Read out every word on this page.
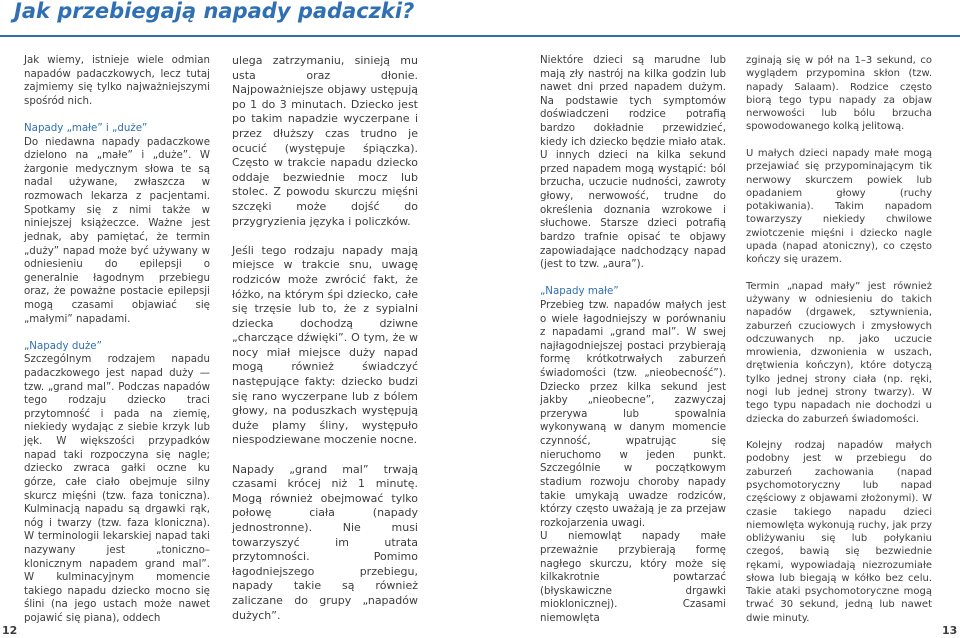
Jak przebiegają napady padaczki?

Jak wiemy, istnieje wiele odmian napadów padaczkowych, lecz tutaj zajmiemy się tylko najważniejszymi spośród nich.

Napady „małe” i „duże”

Do niedawna napady padaczkowe dzielono na „małe” i „duże”. W żargonie medycznym słowa te są nadal używane, zwłaszcza w rozmowach lekarza z pacjentami. Spotkamy się z nimi także w niniejszej książeczce. Ważne jest jednak, aby pamiętać, że termin „duży” napad może być używany w odniesieniu do epilepsji o generalnie łagodnym przebiegu oraz, że poważne postacie epilepsji mogą czasami objawiać się „małymi” napadami.

„Napady duże”

Szczególnym rodzajem napadu padaczkowego jest napad duży — tzw. „grand mal”. Podczas napadów tego rodzaju dziecko traci przytomność i pada na ziemię, niekiedy wydając z siebie krzyk lub jęk. W większości przypadków napad taki rozpoczyna się nagle; dziecko zwraca gałki oczne ku górze, całe ciało obejmuje silny skurcz mięśni (tzw. faza toniczna). Kulminacją napadu są drgawki rąk, nóg i twarzy (tzw. faza kloniczna). W terminologii lekarskiej napad taki nazywany jest „toniczno–klonicznym napadem grand mal”. W kulminacyjnym momencie takiego napadu dziecko mocno się ślini (na jego ustach może nawet pojawić się piana), oddech

ulega zatrzymaniu, sinieją mu usta oraz dłonie. Najpoważniejsze objawy ustępują po 1 do 3 minutach. Dziecko jest po takim napadzie wyczerpane i przez dłuższy czas trudno je ocucić (występuje śpiączka). Często w trakcie napadu dziecko oddaje bezwiednie mocz lub stolec. Z powodu skurczu mięśni szczęki może dojść do przygryzienia języka i policzków.

Jeśli tego rodzaju napady mają miejsce w trakcie snu, uwagę rodziców może zwrócić fakt, że łóżko, na którym śpi dziecko, całe się trzęsie lub to, że z sypialni dziecka dochodzą dziwne „charczące dźwięki”. O tym, że w nocy miał miejsce duży napad mogą również świadczyć następujące fakty: dziecko budzi się rano wyczerpane lub z bólem głowy, na poduszkach występują duże plamy śliny, występuło niespodziewane moczenie nocne.

Napady „grand mal” trwają czasami krócej niż 1 minutę. Mogą również obejmować tylko połowę ciała (napady jednostronne). Nie musi towarzyszyć im utrata przytomności. Pomimo łagodniejszego przebiegu, napady takie są również zaliczane do grupy „napadów dużych”.

Niektóre dzieci są marudne lub mają zły nastrój na kilka godzin lub nawet dni przed napadem dużym. Na podstawie tych symptomów doświadczeni rodzice potrafią bardzo dokładnie przewidzieć, kiedy ich dziecko będzie miało atak. U innych dzieci na kilka sekund przed napadem mogą wystąpić: ból brzucha, uczucie nudności, zawroty głowy, nerwowość, trudne do określenia doznania wzrokowe i słuchowe. Starsze dzieci potrafią bardzo trafnie opisać te objawy zapowiadające nadchodzący napad (jest to tzw. „aura”).

„Napady małe”

Przebieg tzw. napadów małych jest o wiele łagodniejszy w porównaniu z napadami „grand mal”. W swej najłagodniejszej postaci przybierają formę krótkotrwałych zaburzeń świadomości (tzw. „nieobecność”). Dziecko przez kilka sekund jest jakby „nieobecne”, zazwyczaj przerywa lub spowalnia wykonywaną w danym momencie czynność, wpatrując się nieruchomo w jeden punkt. Szczególnie w początkowym stadium rozwoju choroby napady takie umykają uwadze rodziców, którzy często uważają je za przejaw rozkojarzenia uwagi.

U niemowląt napady małe przeważnie przybierają formę nagłego skurczu, który może się kilkakrotnie powtarzać (błyskawiczne drgawki mioklonicznej). Czasami niemowlęta

zginają się w pół na 1–3 sekund, co wyglądem przypomina skłon (tzw. napady Salaam). Rodzice często biorą tego typu napady za objaw nerwowości lub bólu brzucha spowodowanego kolką jelitową.

U małych dzieci napady małe mogą przejawiać się przypominającym tik nerwowy skurczem powiek lub opadaniem głowy (ruchy potakiwania). Takim napadom towarzyszy niekiedy chwilowe zwiotczenie mięśni i dziecko nagle upada (napad atoniczny), co często kończy się urazem.

Termin „napad mały” jest również używany w odniesieniu do takich napadów (drgawek, sztywnienia, zaburzeń czuciowych i zmysłowych odczuwanych np. jako uczucie mrowienia, dzwonienia w uszach, drętwienia kończyn), które dotyczą tylko jednej strony ciała (np. ręki, nogi lub jednej strony twarzy). W tego typu napadach nie dochodzi u dziecka do zaburzeń świadomości.

Kolejny rodzaj napadów małych podobny jest w przebiegu do zaburzeń zachowania (napad psychomotoryczny lub napad częściowy z objawami złożonymi). W czasie takiego napadu dzieci niemowlęta wykonują ruchy, jak przy obliżywaniu się lub połykaniu czegoś, bawią się bezwiednie rękami, wypowiadają niezrozumiałe słowa lub biegają w kółko bez celu. Takie ataki psychomotoryczne mogą trwać 30 sekund, jedną lub nawet dwie minuty.

12	13
